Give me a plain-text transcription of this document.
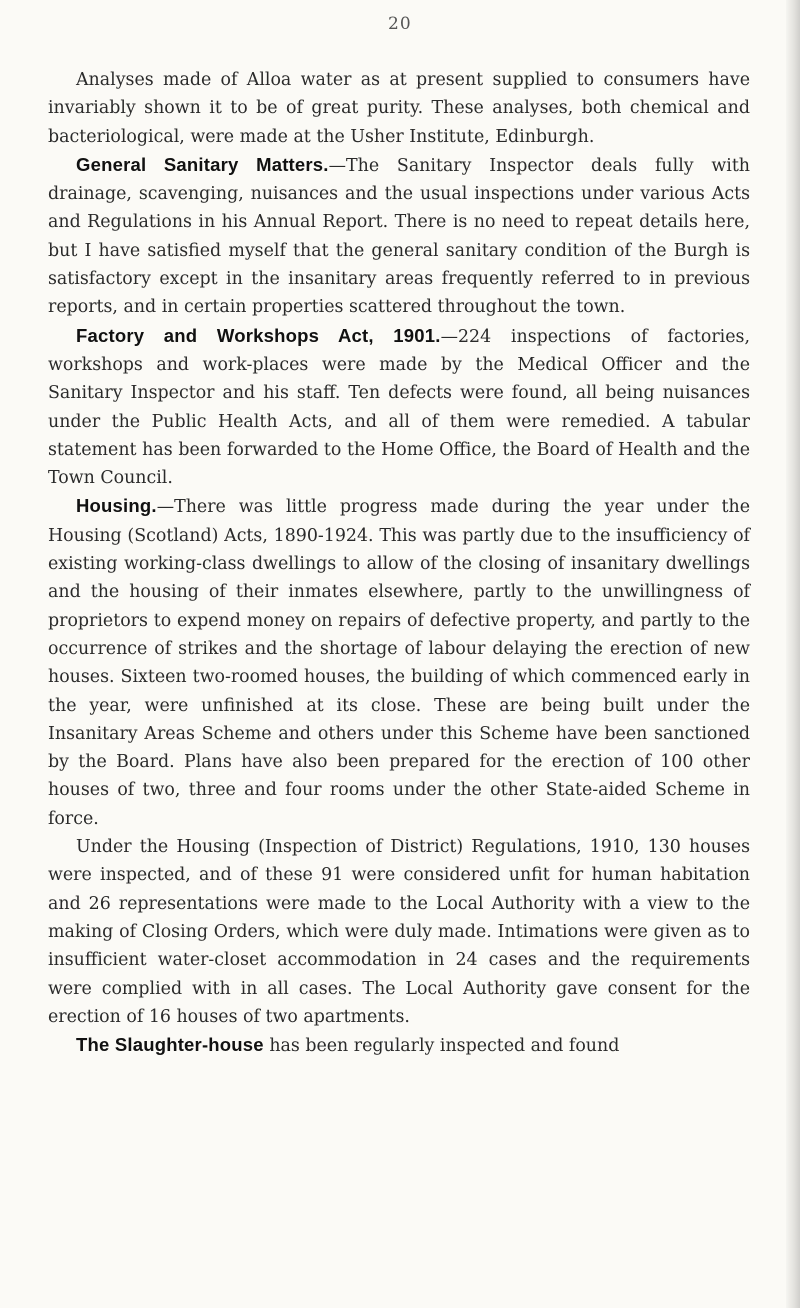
20

Analyses made of Alloa water as at present supplied to consumers have invariably shown it to be of great purity. These analyses, both chemical and bacteriological, were made at the Usher Institute, Edinburgh.

General Sanitary Matters.—The Sanitary Inspector deals fully with drainage, scavenging, nuisances and the usual inspections under various Acts and Regulations in his Annual Report. There is no need to repeat details here, but I have satisfied myself that the general sanitary condition of the Burgh is satisfactory except in the insanitary areas frequently referred to in previous reports, and in certain properties scattered throughout the town.

Factory and Workshops Act, 1901.—224 inspections of factories, workshops and work-places were made by the Medical Officer and the Sanitary Inspector and his staff. Ten defects were found, all being nuisances under the Public Health Acts, and all of them were remedied. A tabular statement has been forwarded to the Home Office, the Board of Health and the Town Council.

Housing.—There was little progress made during the year under the Housing (Scotland) Acts, 1890-1924. This was partly due to the insufficiency of existing working-class dwellings to allow of the closing of insanitary dwellings and the housing of their inmates elsewhere, partly to the unwillingness of proprietors to expend money on repairs of defective property, and partly to the occurrence of strikes and the shortage of labour delaying the erection of new houses. Sixteen two-roomed houses, the building of which commenced early in the year, were unfinished at its close. These are being built under the Insanitary Areas Scheme and others under this Scheme have been sanctioned by the Board. Plans have also been prepared for the erection of 100 other houses of two, three and four rooms under the other State-aided Scheme in force.

Under the Housing (Inspection of District) Regulations, 1910, 130 houses were inspected, and of these 91 were considered unfit for human habitation and 26 representations were made to the Local Authority with a view to the making of Closing Orders, which were duly made. Intimations were given as to insufficient water-closet accommodation in 24 cases and the requirements were complied with in all cases. The Local Authority gave consent for the erection of 16 houses of two apartments.

The Slaughter-house has been regularly inspected and found
